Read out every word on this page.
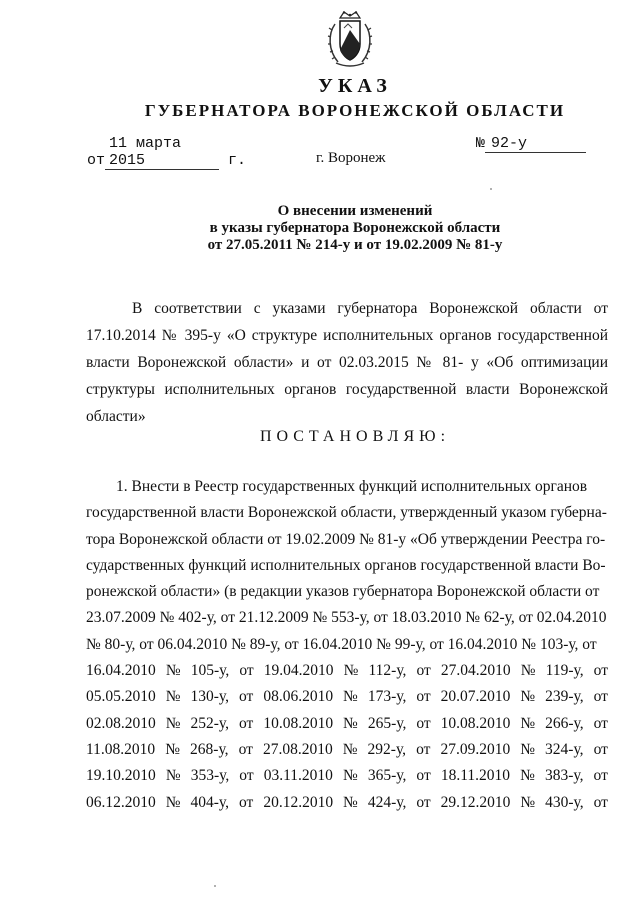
УКАЗ
ГУБЕРНАТОРА ВОРОНЕЖСКОЙ ОБЛАСТИ
от11 марта 2015	г.
№ 92-у
г. Воронеж
О внесении изменений
в указы губернатора Воронежской области
от 27.05.2011 № 214-у и от 19.02.2009 № 81-у
В соответствии с указами губернатора Воронежской области от 17.10.2014 № 395-у «О структуре исполнительных органов государственной власти Воронежской области» и от 02.03.2015 № 81- у «Об оптимизации структуры исполнительных органов государственной власти Воронежской области»
ПОСТАНОВЛЯЮ:
1. Внести в Реестр государственных функций исполнительных органов
государственной власти Воронежской области, утвержденный указом губерна-
тора Воронежской области от 19.02.2009 № 81-у «Об утверждении Реестра го-
сударственных функций исполнительных органов государственной власти Во-
ронежской области» (в редакции указов губернатора Воронежской области от
23.07.2009 № 402-у, от 21.12.2009 № 553-у, от 18.03.2010 № 62-у, от 02.04.2010
№ 80-у, от 06.04.2010 № 89-у, от 16.04.2010 № 99-у, от 16.04.2010 № 103-у, от
16.04.2010 № 105-у, от 19.04.2010 № 112-у, от 27.04.2010 № 119-у, от
05.05.2010 № 130-у, от 08.06.2010 № 173-у, от 20.07.2010 № 239-у, от
02.08.2010 № 252-у, от 10.08.2010 № 265-у, от 10.08.2010 № 266-у, от
11.08.2010 № 268-у, от 27.08.2010 № 292-у, от 27.09.2010 № 324-у, от
19.10.2010 № 353-у, от 03.11.2010 № 365-у, от 18.11.2010 № 383-у, от
06.12.2010 № 404-у, от 20.12.2010 № 424-у, от 29.12.2010 № 430-у, от
